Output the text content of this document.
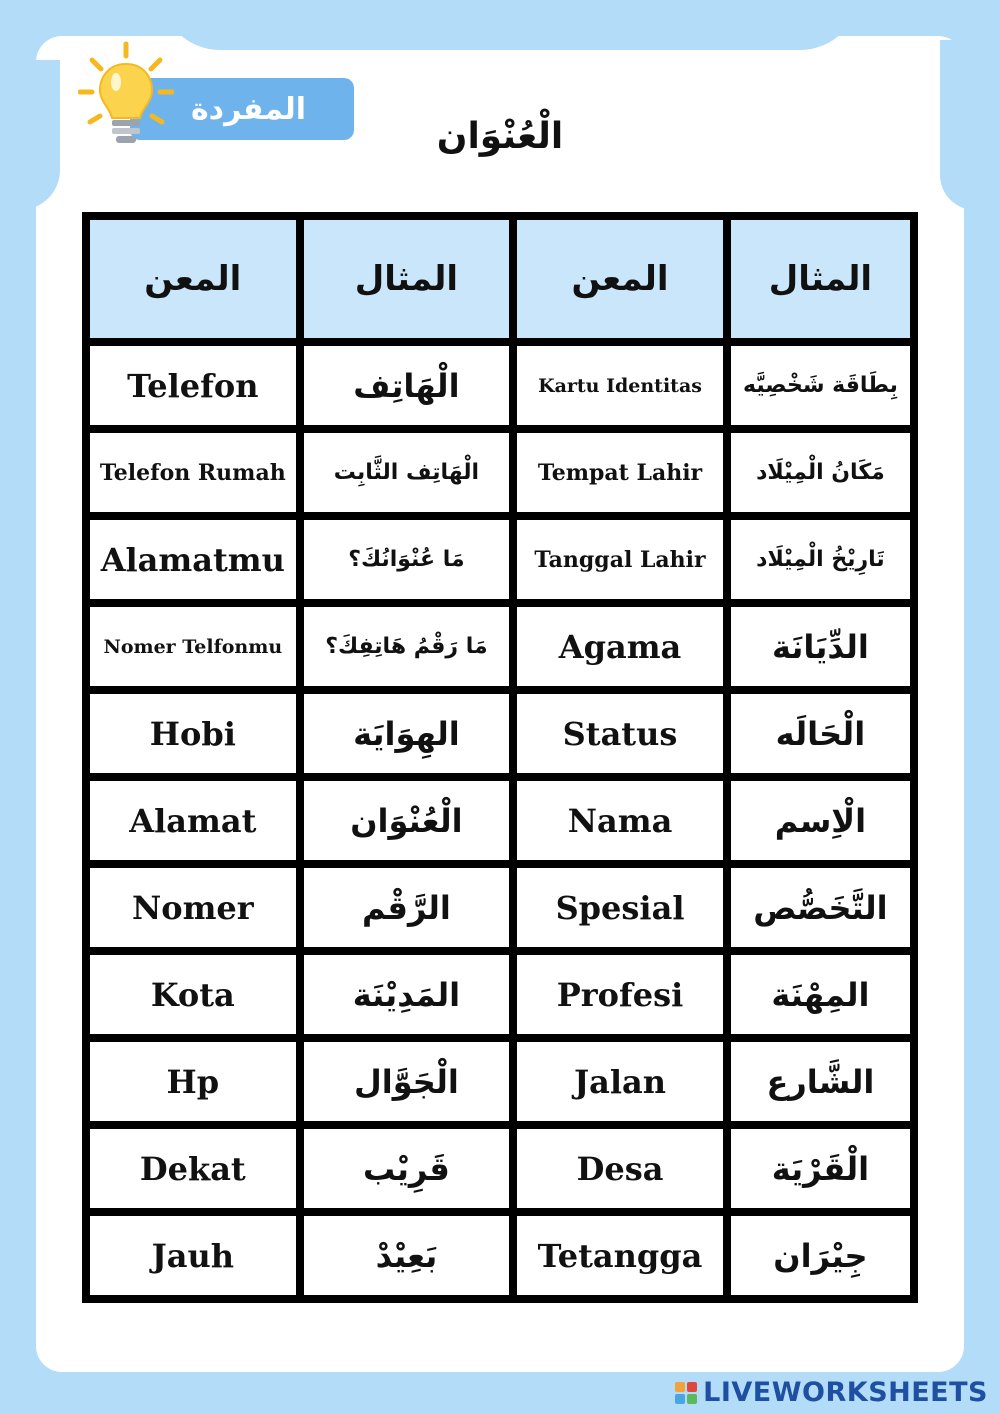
المفردة
الْعُنْوَان
المعن	المثال	المعن	المثال
Telefon	الْهَاتِف	Kartu Identitas	بِطَاقَة شَخْصِيَّه
Telefon Rumah	الْهَاتِف الثَّابِت	Tempat Lahir	مَكَانُ الْمِيْلَاد
Alamatmu	مَا عُنْوَانُكَ؟	Tanggal Lahir	تَارِيْخُ الْمِيْلَاد
Nomer Telfonmu	مَا رَقْمُ هَاتِفِكَ؟	Agama	الدِّيَانَة
Hobi	الهِوَايَة	Status	الْحَالَه
Alamat	الْعُنْوَان	Nama	الْاِسم
Nomer	الرَّقْم	Spesial	التَّخَصُّص
Kota	المَدِيْنَة	Profesi	المِهْنَة
Hp	الْجَوَّال	Jalan	الشَّارع
Dekat	قَرِيْب	Desa	الْقَرْيَة
Jauh	بَعِيْدْ	Tetangga	جِيْرَان
LIVEWORKSHEETS
